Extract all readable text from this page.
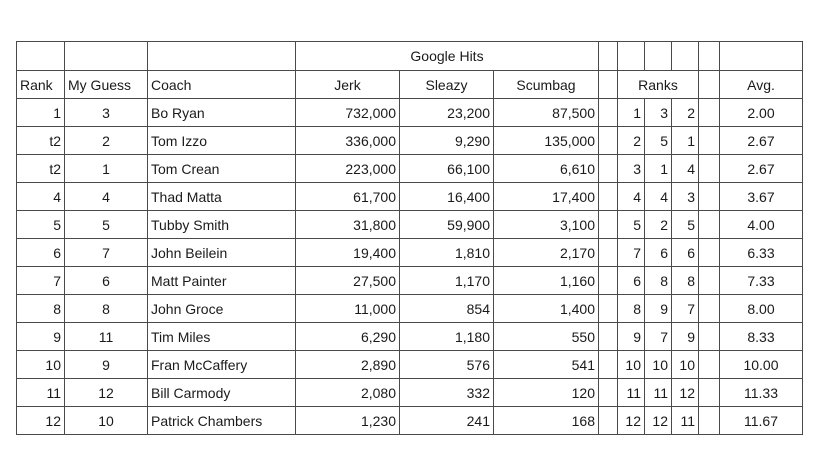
			Google Hits								
Rank	My Guess	Coach	Jerk	Sleazy	Scumbag		Ranks				Avg.
1	3	Bo Ryan	732,000	23,200	87,500		1	3	2		2.00
t2	2	Tom Izzo	336,000	9,290	135,000		2	5	1		2.67
t2	1	Tom Crean	223,000	66,100	6,610		3	1	4		2.67
4	4	Thad Matta	61,700	16,400	17,400		4	4	3		3.67
5	5	Tubby Smith	31,800	59,900	3,100		5	2	5		4.00
6	7	John Beilein	19,400	1,810	2,170		7	6	6		6.33
7	6	Matt Painter	27,500	1,170	1,160		6	8	8		7.33
8	8	John Groce	11,000	854	1,400		8	9	7		8.00
9	11	Tim Miles	6,290	1,180	550		9	7	9		8.33
10	9	Fran McCaffery	2,890	576	541		10	10	10		10.00
11	12	Bill Carmody	2,080	332	120		11	11	12		11.33
12	10	Patrick Chambers	1,230	241	168		12	12	11		11.67
